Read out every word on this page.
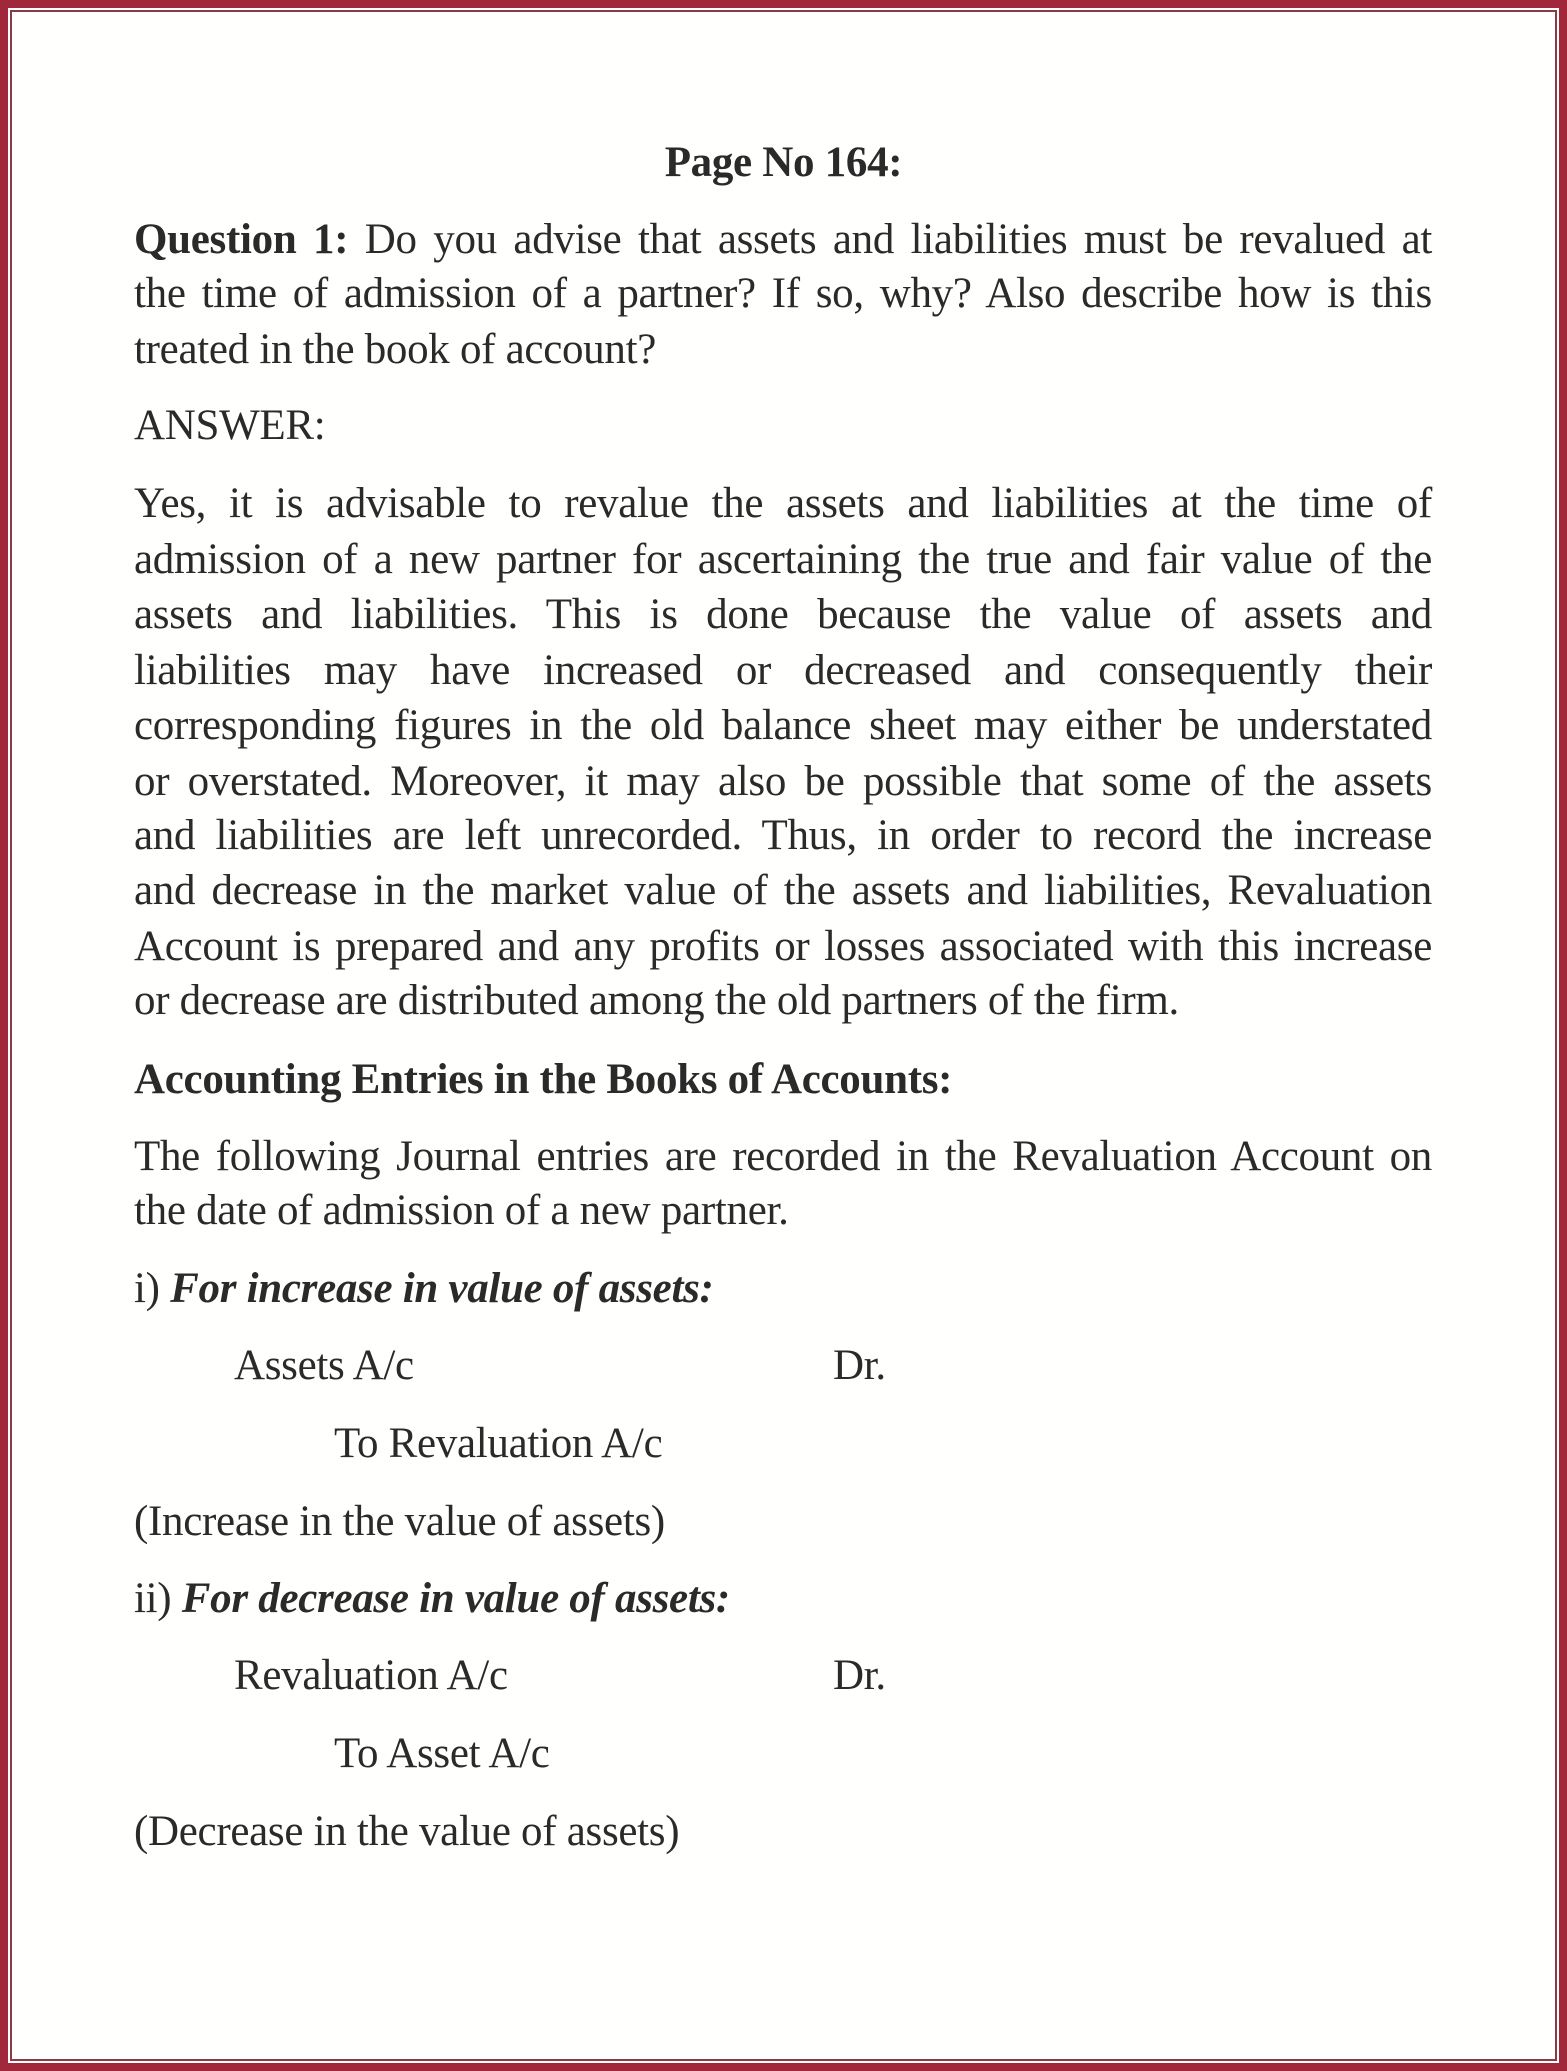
Page No 164:
Question 1: Do you advise that assets and liabilities must be revalued at
the time of admission of a partner? If so, why? Also describe how is this
treated in the book of account?
ANSWER:
Yes, it is advisable to revalue the assets and liabilities at the time of
admission of a new partner for ascertaining the true and fair value of the
assets and liabilities. This is done because the value of assets and
liabilities may have increased or decreased and consequently their
corresponding figures in the old balance sheet may either be understated
or overstated. Moreover, it may also be possible that some of the assets
and liabilities are left unrecorded. Thus, in order to record the increase
and decrease in the market value of the assets and liabilities, Revaluation
Account is prepared and any profits or losses associated with this increase
or decrease are distributed among the old partners of the firm.
Accounting Entries in the Books of Accounts:
The following Journal entries are recorded in the Revaluation Account on
the date of admission of a new partner.
i) For increase in value of assets:
Assets A/c	Dr.
To Revaluation A/c
(Increase in the value of assets)
ii) For decrease in value of assets:
Revaluation A/c	Dr.
To Asset A/c
(Decrease in the value of assets)
